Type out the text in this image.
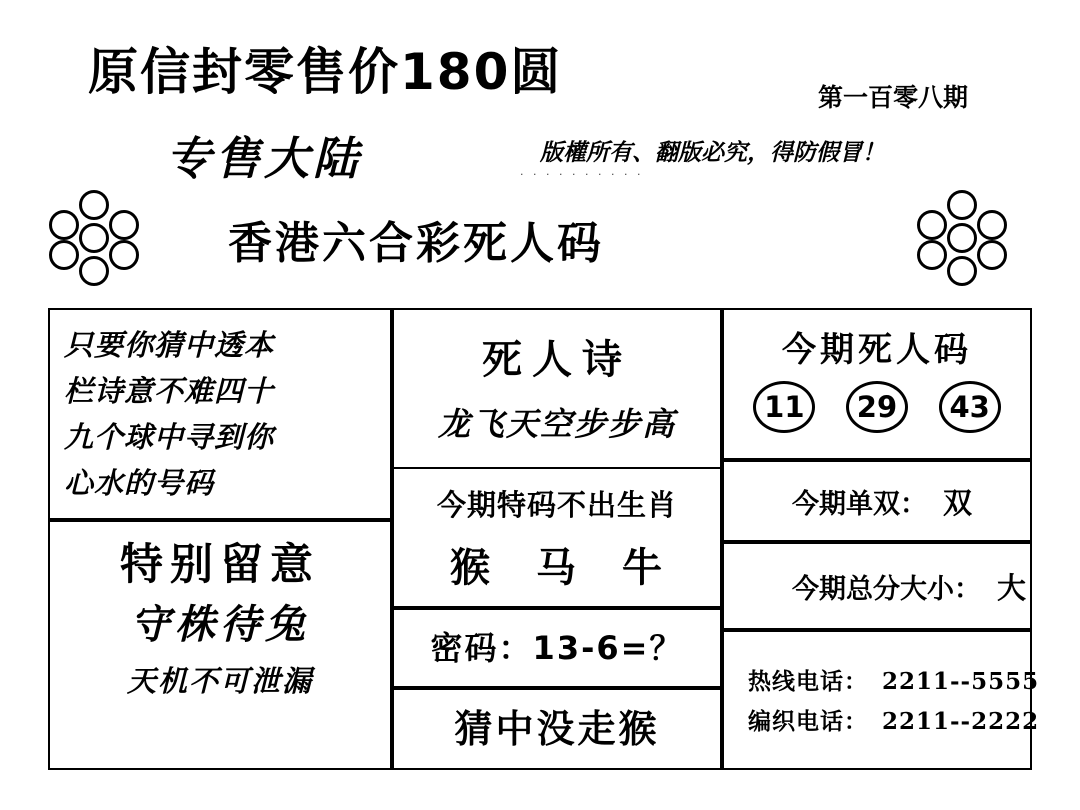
原信封零售价180圆	第一百零八期
专售大陆	版權所有、翻版必究，得防假冒！
· · · · · · · · · ·
香港六合彩死人码
只要你猜中透本
栏诗意不难四十
九个球中寻到你
心水的号码
特别留意
守株待兔
天机不可泄漏
死人诗
龙飞天空步步高
今期特码不出生肖
猴 马 牛
密码：13-6=？
猜中没走猴
今期死人码
11	29	43
今期单双： 双
今期总分大小： 大
热线电话： 2211--5555
编织电话： 2211--2222
